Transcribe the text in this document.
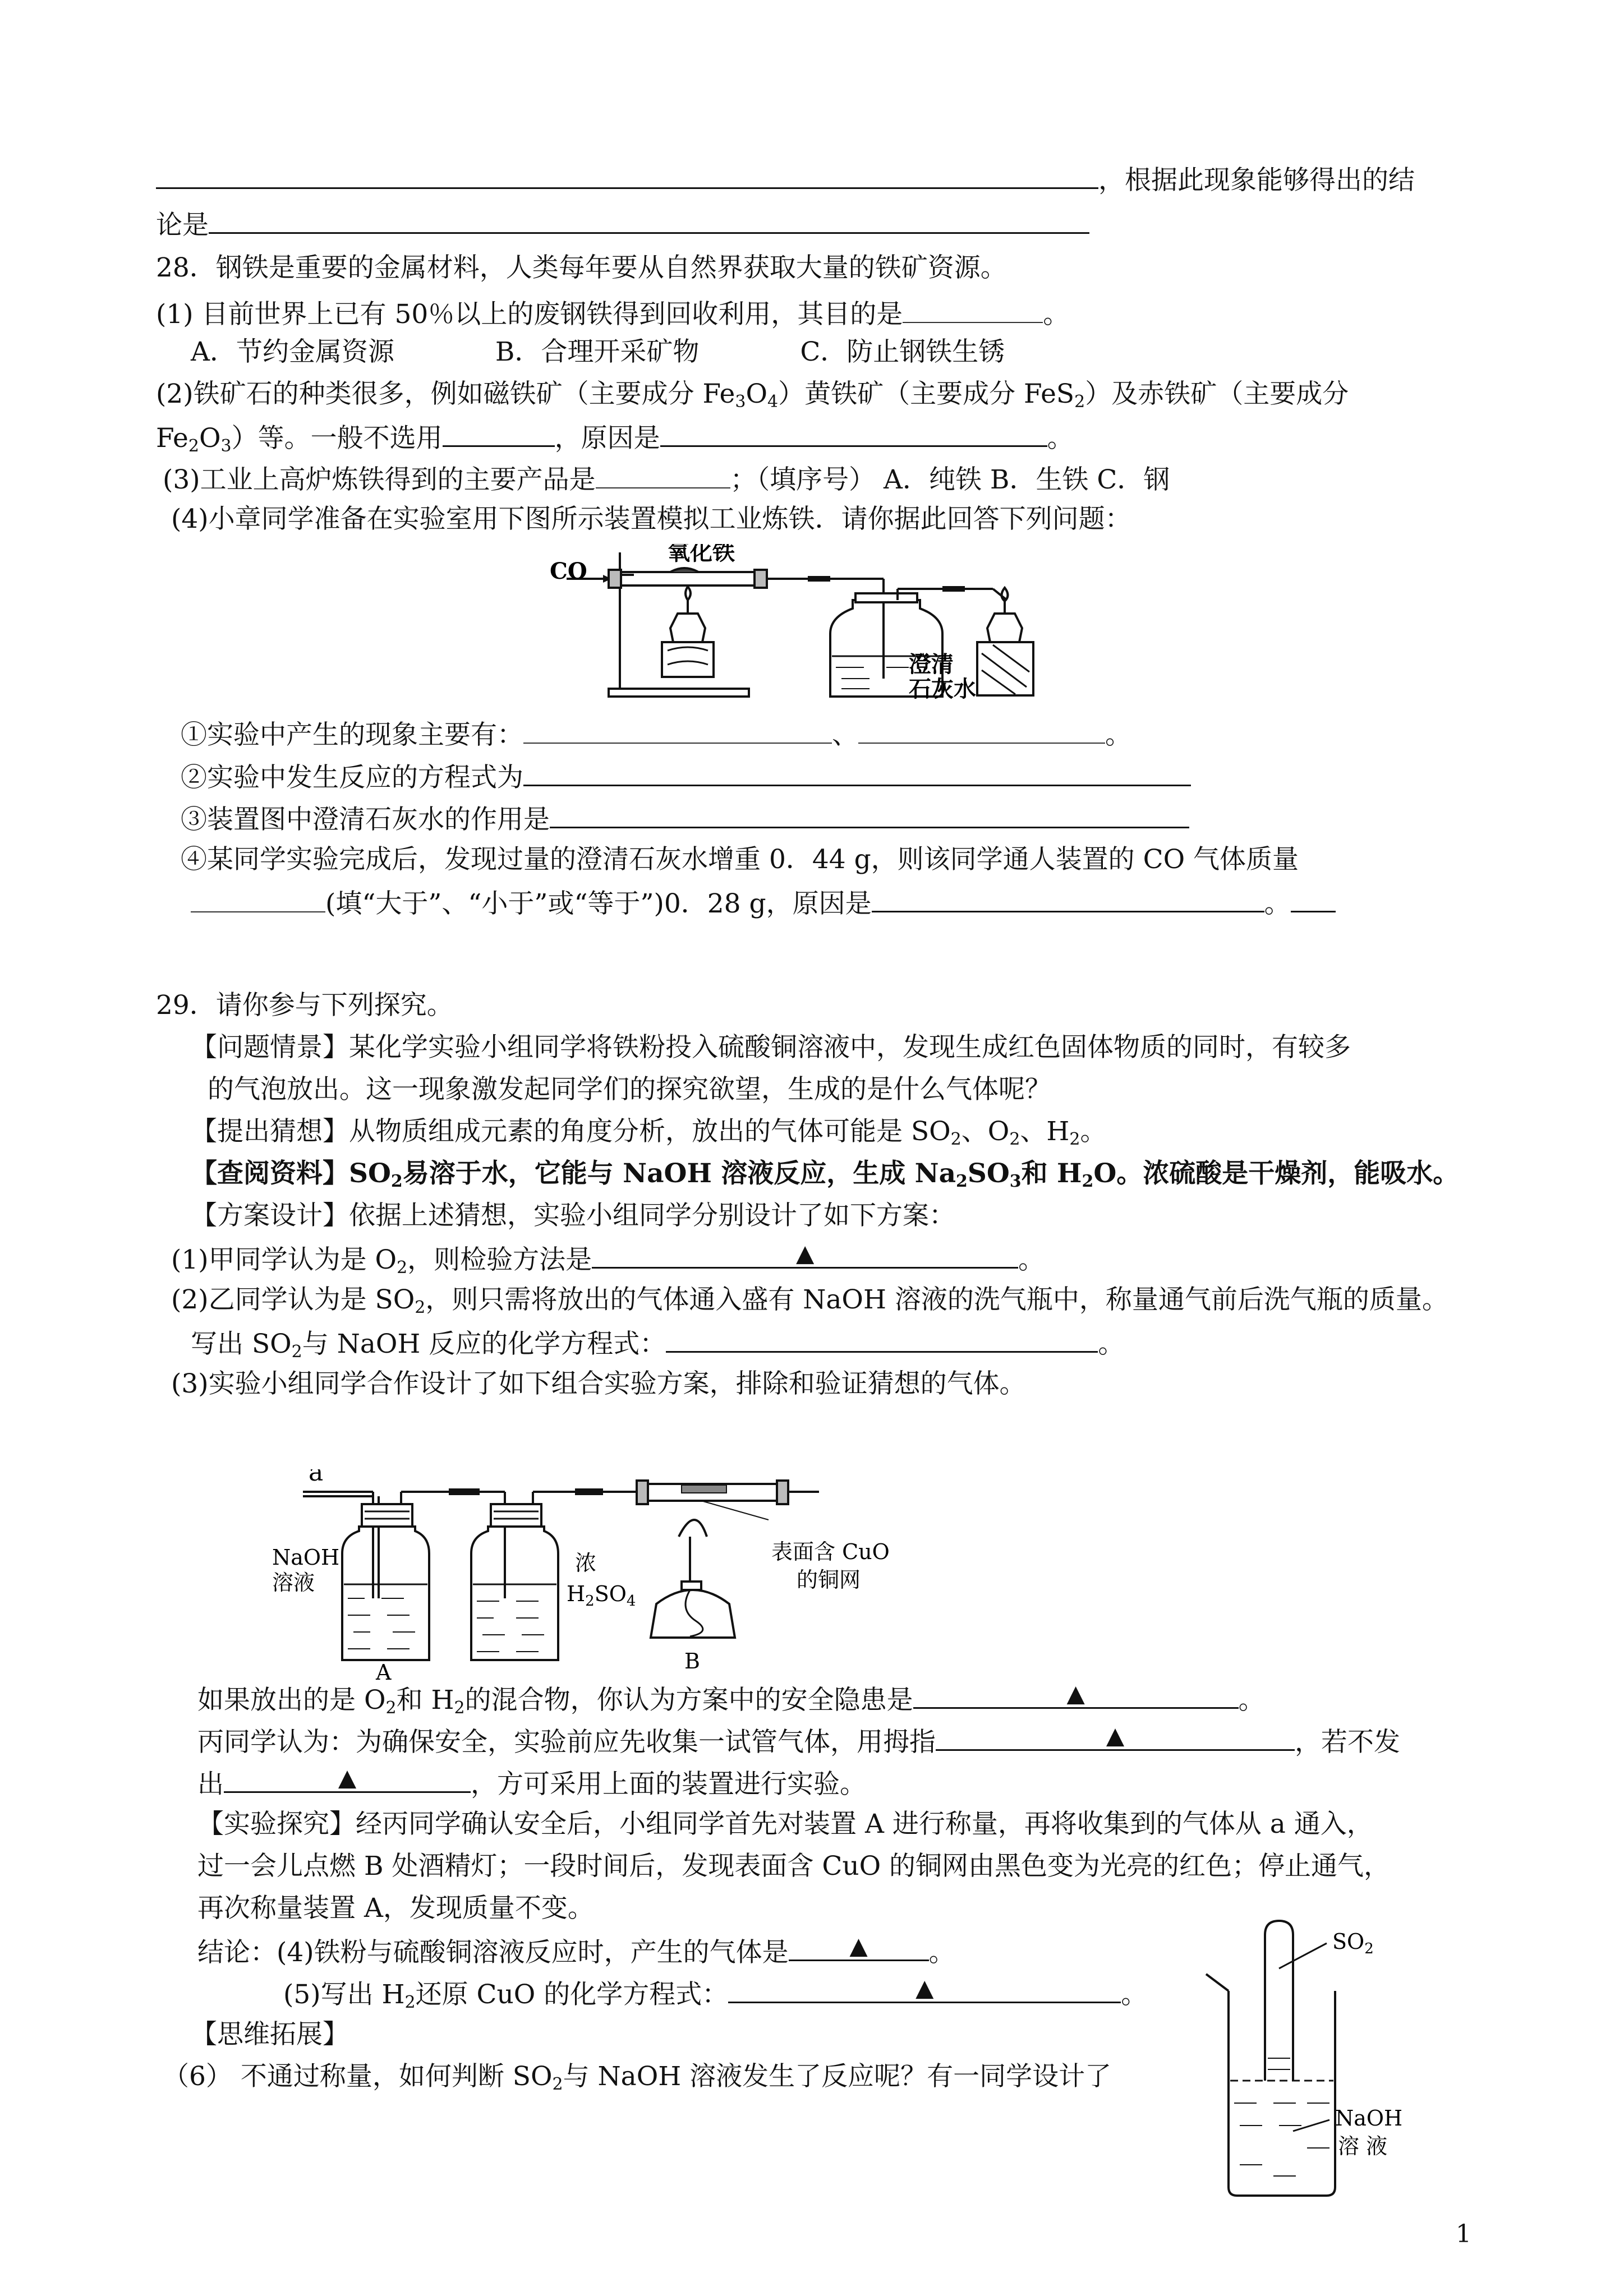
，根据此现象能够得出的结
论是
28．钢铁是重要的金属材料，人类每年要从自然界获取大量的铁矿资源。
(1) 目前世界上已有 50％以上的废钢铁得到回收利用，其目的是	。
A．节约金属资源	B．合理开采矿物	C．防止钢铁生锈
(2)铁矿石的种类很多，例如磁铁矿（主要成分 $Fe_3O_4$）黄铁矿（主要成分 FeS$_2$）及赤铁矿（主要成分
$Fe_2O_3$）等。一般不选用	，原因是	。
(3)工业上高炉炼铁得到的主要产品是	；（填序号） A．纯铁 B．生铁 C．钢
(4)小章同学准备在实验室用下图所示装置模拟工业炼铁．请你据此回答下列问题：
CO
氧化铁
澄清
石灰水
①实验中产生的现象主要有：	、	。
②实验中发生反应的方程式为
③装置图中澄清石灰水的作用是
④某同学实验完成后，发现过量的澄清石灰水增重 0．44 g，则该同学通人装置的 CO 气体质量
(填“大于”、“小于”或“等于”)0．28 g，原因是	。
29．请你参与下列探究。
【问题情景】某化学实验小组同学将铁粉投入硫酸铜溶液中，发现生成红色固体物质的同时，有较多
的气泡放出。这一现象激发起同学们的探究欲望，生成的是什么气体呢？
【提出猜想】从物质组成元素的角度分析，放出的气体可能是 $SO_2$、$O_2$、$H_2$。
【查阅资料】$SO_2$易溶于水，它能与 NaOH 溶液反应，生成 $Na_2SO_3$和 $H_2O$。浓硫酸是干燥剂，能吸水。
【方案设计】依据上述猜想，实验小组同学分别设计了如下方案：
(1)甲同学认为是 $O_2$，则检验方法是	▲	。
(2)乙同学认为是 $SO_2$，则只需将放出的气体通入盛有 NaOH 溶液的洗气瓶中，称量通气前后洗气瓶的质量。
写出 $SO_2$与 NaOH 反应的化学方程式：	。
(3)实验小组同学合作设计了如下组合实验方案，排除和验证猜想的气体。
a
NaOH
溶液
浓
$H_2SO_4$
表面含 CuO
的铜网
A	B
如果放出的是 $O_2$和 $H_2$的混合物，你认为方案中的安全隐患是	▲	。
丙同学认为：为确保安全，实验前应先收集一试管气体，用拇指	▲	，若不发
出	▲	，方可采用上面的装置进行实验。
【实验探究】经丙同学确认安全后，小组同学首先对装置 A 进行称量，再将收集到的气体从 a 通入，
过一会儿点燃 B 处酒精灯；一段时间后，发现表面含 CuO 的铜网由黑色变为光亮的红色；停止通气，
再次称量装置 A，发现质量不变。
结论：(4)铁粉与硫酸铜溶液反应时，产生的气体是	▲ 。
(5)写出 $H_2$还原 CuO 的化学方程式：	▲	。
【思维拓展】
（6） 不通过称量，如何判断 $SO_2$与 NaOH 溶液发生了反应呢？有一同学设计了
$SO_2$
NaOH
溶 液
1
